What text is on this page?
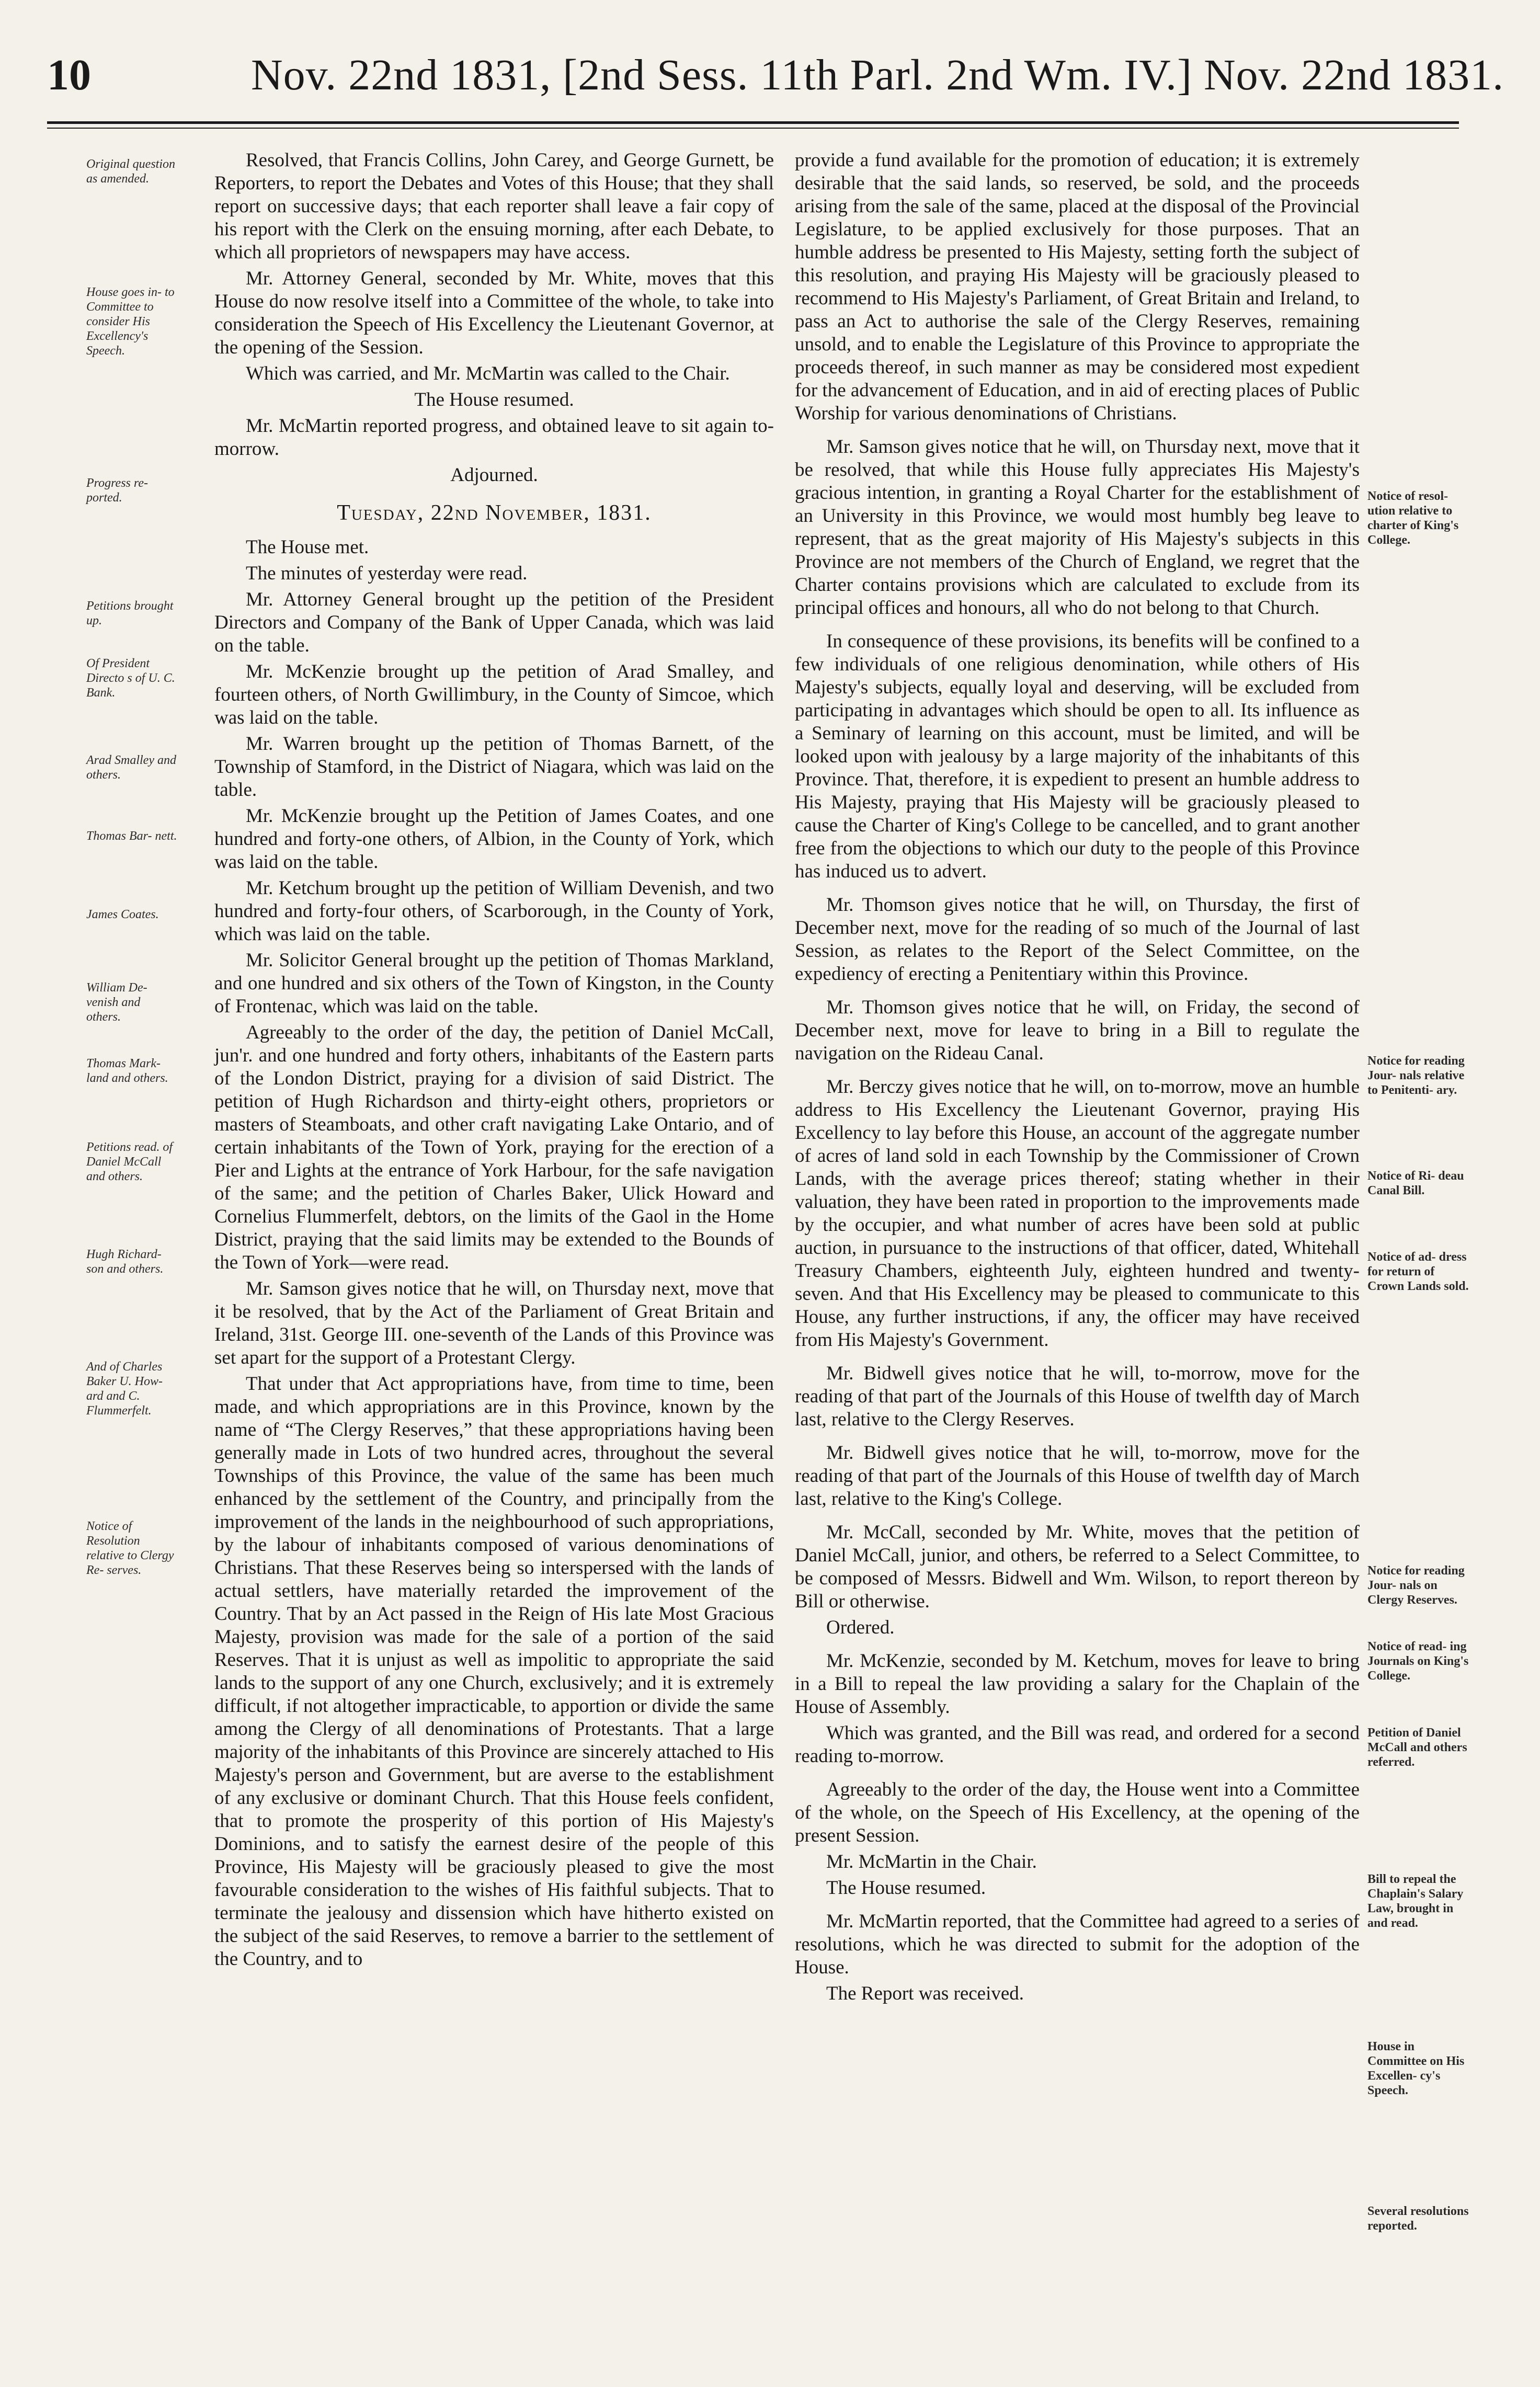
10	Nov. 22nd 1831, [2nd Sess. 11th Parl. 2nd Wm. IV.] Nov. 22nd 1831.
Original question as amended.
House goes in- to Committee to consider His Excellency's Speech.
Progress re- ported.
Petitions brought up.
Of President Directo s of U. C. Bank.
Arad Smalley and others.
Thomas Bar- nett.
James Coates.
William De- venish and others.
Thomas Mark- land and others.
Petitions read. of Daniel McCall and others.
Hugh Richard- son and others.
And of Charles Baker U. How- ard and C. Flummerfelt.
Notice of Resolution relative to Clergy Re- serves.
Notice of resol- ution relative to charter of King's College.
Notice for reading Jour- nals relative to Penitenti- ary.
Notice of Ri- deau Canal Bill.
Notice of ad- dress for return of Crown Lands sold.
Notice for reading Jour- nals on Clergy Reserves.
Notice of read- ing Journals on King's College.
Petition of Daniel McCall and others referred.
Bill to repeal the Chaplain's Salary Law, brought in and read.
House in Committee on His Excellen- cy's Speech.
Several resolutions reported.

Resolved, that Francis Collins, John Carey, and George Gurnett, be Reporters, to report the Debates and Votes of this House; that they shall report on successive days; that each reporter shall leave a fair copy of his report with the Clerk on the ensuing morning, after each Debate, to which all proprietors of newspapers may have access.

Mr. Attorney General, seconded by Mr. White, moves that this House do now resolve itself into a Committee of the whole, to take into consideration the Speech of His Excellency the Lieutenant Governor, at the opening of the Session.

Which was carried, and Mr. McMartin was called to the Chair.

The House resumed.

Mr. McMartin reported progress, and obtained leave to sit again to-morrow.

Adjourned.

Tuesday, 22nd November, 1831.

The House met.

The minutes of yesterday were read.

Mr. Attorney General brought up the petition of the President Directors and Company of the Bank of Upper Canada, which was laid on the table.

Mr. McKenzie brought up the petition of Arad Smalley, and fourteen others, of North Gwillimbury, in the County of Simcoe, which was laid on the table.

Mr. Warren brought up the petition of Thomas Barnett, of the Township of Stamford, in the District of Niagara, which was laid on the table.

Mr. McKenzie brought up the Petition of James Coates, and one hundred and forty-one others, of Albion, in the County of York, which was laid on the table.

Mr. Ketchum brought up the petition of William Devenish, and two hundred and forty-four others, of Scarborough, in the County of York, which was laid on the table.

Mr. Solicitor General brought up the petition of Thomas Markland, and one hundred and six others of the Town of Kingston, in the County of Frontenac, which was laid on the table.

Agreeably to the order of the day, the petition of Daniel McCall, jun'r. and one hundred and forty others, inhabitants of the Eastern parts of the London District, praying for a division of said District. The petition of Hugh Richardson and thirty-eight others, proprietors or masters of Steamboats, and other craft navigating Lake Ontario, and of certain inhabitants of the Town of York, praying for the erection of a Pier and Lights at the entrance of York Harbour, for the safe navigation of the same; and the petition of Charles Baker, Ulick Howard and Cornelius Flummerfelt, debtors, on the limits of the Gaol in the Home District, praying that the said limits may be extended to the Bounds of the Town of York—were read.

Mr. Samson gives notice that he will, on Thursday next, move that it be resolved, that by the Act of the Parliament of Great Britain and Ireland, 31st. George III. one-seventh of the Lands of this Province was set apart for the support of a Protestant Clergy.

That under that Act appropriations have, from time to time, been made, and which appropriations are in this Province, known by the name of “The Clergy Reserves,” that these appropriations having been generally made in Lots of two hundred acres, throughout the several Townships of this Province, the value of the same has been much enhanced by the settlement of the Country, and principally from the improvement of the lands in the neighbourhood of such appropriations, by the labour of inhabitants composed of various denominations of Christians. That these Reserves being so interspersed with the lands of actual settlers, have materially retarded the improvement of the Country. That by an Act passed in the Reign of His late Most Gracious Majesty, provision was made for the sale of a portion of the said Reserves. That it is unjust as well as impolitic to appropriate the said lands to the support of any one Church, exclusively; and it is extremely difficult, if not altogether impracticable, to apportion or divide the same among the Clergy of all denominations of Protestants. That a large majority of the inhabitants of this Province are sincerely attached to His Majesty's person and Government, but are averse to the establishment of any exclusive or dominant Church. That this House feels confident, that to promote the prosperity of this portion of His Majesty's Dominions, and to satisfy the earnest desire of the people of this Province, His Majesty will be graciously pleased to give the most favourable consideration to the wishes of His faithful subjects. That to terminate the jealousy and dissension which have hitherto existed on the subject of the said Reserves, to remove a barrier to the settlement of the Country, and to

provide a fund available for the promotion of education; it is extremely desirable that the said lands, so reserved, be sold, and the proceeds arising from the sale of the same, placed at the disposal of the Provincial Legislature, to be applied exclusively for those purposes. That an humble address be presented to His Majesty, setting forth the subject of this resolution, and praying His Majesty will be graciously pleased to recommend to His Majesty's Parliament, of Great Britain and Ireland, to pass an Act to authorise the sale of the Clergy Reserves, remaining unsold, and to enable the Legislature of this Province to appropriate the proceeds thereof, in such manner as may be considered most expedient for the advancement of Education, and in aid of erecting places of Public Worship for various denominations of Christians.

Mr. Samson gives notice that he will, on Thursday next, move that it be resolved, that while this House fully appreciates His Majesty's gracious intention, in granting a Royal Charter for the establishment of an University in this Province, we would most humbly beg leave to represent, that as the great majority of His Majesty's subjects in this Province are not members of the Church of England, we regret that the Charter contains provisions which are calculated to exclude from its principal offices and honours, all who do not belong to that Church.

In consequence of these provisions, its benefits will be confined to a few individuals of one religious denomination, while others of His Majesty's subjects, equally loyal and deserving, will be excluded from participating in advantages which should be open to all. Its influence as a Seminary of learning on this account, must be limited, and will be looked upon with jealousy by a large majority of the inhabitants of this Province. That, therefore, it is expedient to present an humble address to His Majesty, praying that His Majesty will be graciously pleased to cause the Charter of King's College to be cancelled, and to grant another free from the objections to which our duty to the people of this Province has induced us to advert.

Mr. Thomson gives notice that he will, on Thursday, the first of December next, move for the reading of so much of the Journal of last Session, as relates to the Report of the Select Committee, on the expediency of erecting a Penitentiary within this Province.

Mr. Thomson gives notice that he will, on Friday, the second of December next, move for leave to bring in a Bill to regulate the navigation on the Rideau Canal.

Mr. Berczy gives notice that he will, on to-morrow, move an humble address to His Excellency the Lieutenant Governor, praying His Excellency to lay before this House, an account of the aggregate number of acres of land sold in each Township by the Commissioner of Crown Lands, with the average prices thereof; stating whether in their valuation, they have been rated in proportion to the improvements made by the occupier, and what number of acres have been sold at public auction, in pursuance to the instructions of that officer, dated, Whitehall Treasury Chambers, eighteenth July, eighteen hundred and twenty-seven. And that His Excellency may be pleased to communicate to this House, any further instructions, if any, the officer may have received from His Majesty's Government.

Mr. Bidwell gives notice that he will, to-morrow, move for the reading of that part of the Journals of this House of twelfth day of March last, relative to the Clergy Reserves.

Mr. Bidwell gives notice that he will, to-morrow, move for the reading of that part of the Journals of this House of twelfth day of March last, relative to the King's College.

Mr. McCall, seconded by Mr. White, moves that the petition of Daniel McCall, junior, and others, be referred to a Select Committee, to be composed of Messrs. Bidwell and Wm. Wilson, to report thereon by Bill or otherwise.

Ordered.

Mr. McKenzie, seconded by M. Ketchum, moves for leave to bring in a Bill to repeal the law providing a salary for the Chaplain of the House of Assembly.

Which was granted, and the Bill was read, and ordered for a second reading to-morrow.

Agreeably to the order of the day, the House went into a Committee of the whole, on the Speech of His Excellency, at the opening of the present Session.

Mr. McMartin in the Chair.

The House resumed.

Mr. McMartin reported, that the Committee had agreed to a series of resolutions, which he was directed to submit for the adoption of the House.

The Report was received.
